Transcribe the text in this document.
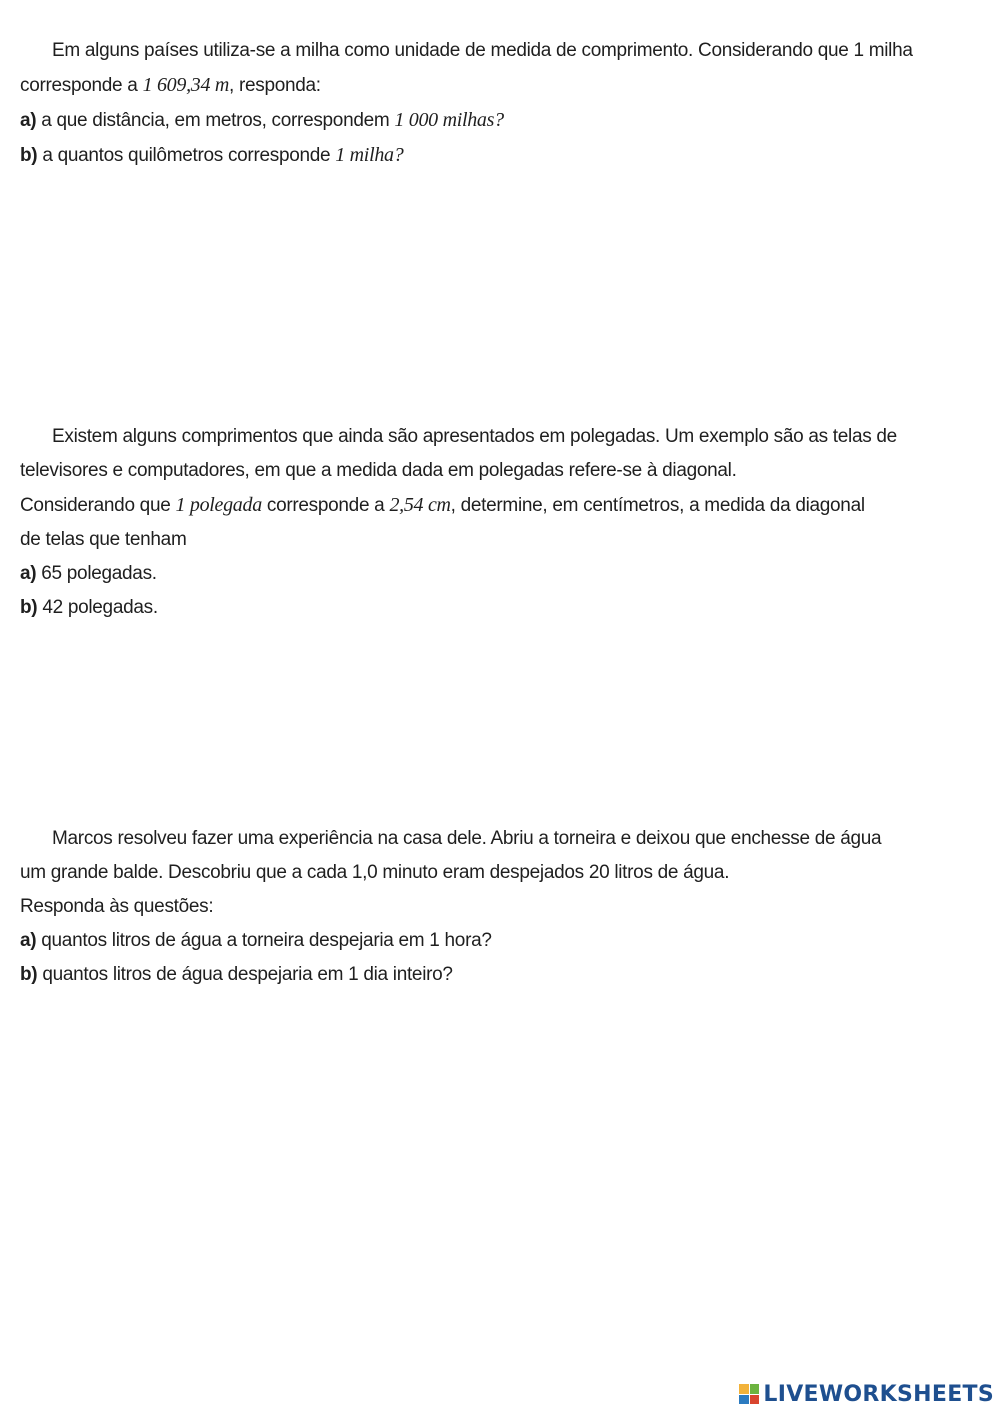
Em alguns países utiliza-se a milha como unidade de medida de comprimento. Considerando que 1 milha
corresponde a 1 609,34 m, responda:
a) a que distância, em metros, correspondem 1 000 milhas?
b) a quantos quilômetros corresponde 1 milha?
Existem alguns comprimentos que ainda são apresentados em polegadas. Um exemplo são as telas de
televisores e computadores, em que a medida dada em polegadas refere-se à diagonal.
Considerando que 1 polegada corresponde a 2,54 cm, determine, em centímetros, a medida da diagonal
de telas que tenham
a) 65 polegadas.
b) 42 polegadas.
Marcos resolveu fazer uma experiência na casa dele. Abriu a torneira e deixou que enchesse de água
um grande balde. Descobriu que a cada 1,0 minuto eram despejados 20 litros de água.
Responda às questões:
a) quantos litros de água a torneira despejaria em 1 hora?
b) quantos litros de água despejaria em 1 dia inteiro?
LIVEWORKSHEETS
